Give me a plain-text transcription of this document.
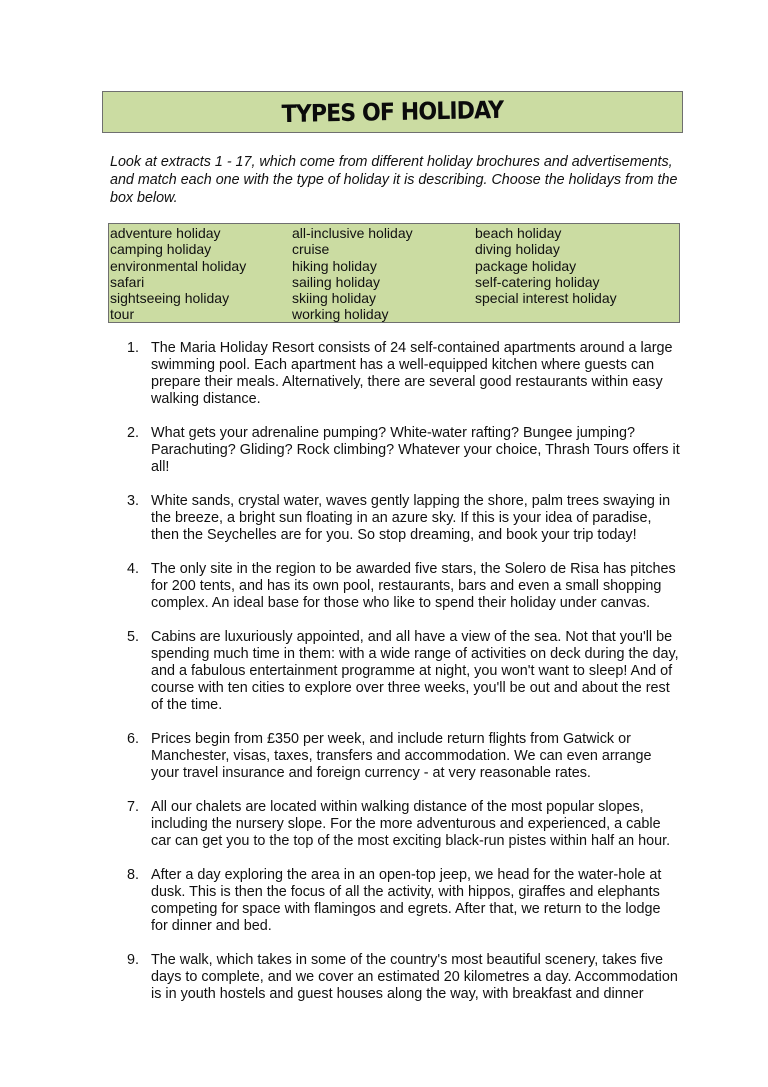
TYPES OF HOLIDAY
Look at extracts 1 - 17, which come from different holiday brochures and advertisements, and match each one with the type of holiday it is describing. Choose the holidays from the box below.
adventure holiday
camping holiday
environmental holiday
safari
sightseeing holiday
tour
all-inclusive holiday
cruise
hiking holiday
sailing holiday
skiing holiday
working holiday
beach holiday
diving holiday
package holiday
self-catering holiday
special interest holiday
1. The Maria Holiday Resort consists of 24 self-contained apartments around a large swimming pool. Each apartment has a well-equipped kitchen where guests can prepare their meals. Alternatively, there are several good restaurants within easy walking distance.
2. What gets your adrenaline pumping? White-water rafting? Bungee jumping? Parachuting? Gliding? Rock climbing? Whatever your choice, Thrash Tours offers it all!
3. White sands, crystal water, waves gently lapping the shore, palm trees swaying in the breeze, a bright sun floating in an azure sky. If this is your idea of paradise, then the Seychelles are for you. So stop dreaming, and book your trip today!
4. The only site in the region to be awarded five stars, the Solero de Risa has pitches for 200 tents, and has its own pool, restaurants, bars and even a small shopping complex. An ideal base for those who like to spend their holiday under canvas.
5. Cabins are luxuriously appointed, and all have a view of the sea. Not that you'll be spending much time in them: with a wide range of activities on deck during the day, and a fabulous entertainment programme at night, you won't want to sleep! And of course with ten cities to explore over three weeks, you'll be out and about the rest of the time.
6. Prices begin from £350 per week, and include return flights from Gatwick or Manchester, visas, taxes, transfers and accommodation. We can even arrange your travel insurance and foreign currency - at very reasonable rates.
7. All our chalets are located within walking distance of the most popular slopes, including the nursery slope. For the more adventurous and experienced, a cable car can get you to the top of the most exciting black-run pistes within half an hour.
8. After a day exploring the area in an open-top jeep, we head for the water-hole at dusk. This is then the focus of all the activity, with hippos, giraffes and elephants competing for space with flamingos and egrets. After that, we return to the lodge for dinner and bed.
9. The walk, which takes in some of the country's most beautiful scenery, takes five days to complete, and we cover an estimated 20 kilometres a day. Accommodation is in youth hostels and guest houses along the way, with breakfast and dinner
